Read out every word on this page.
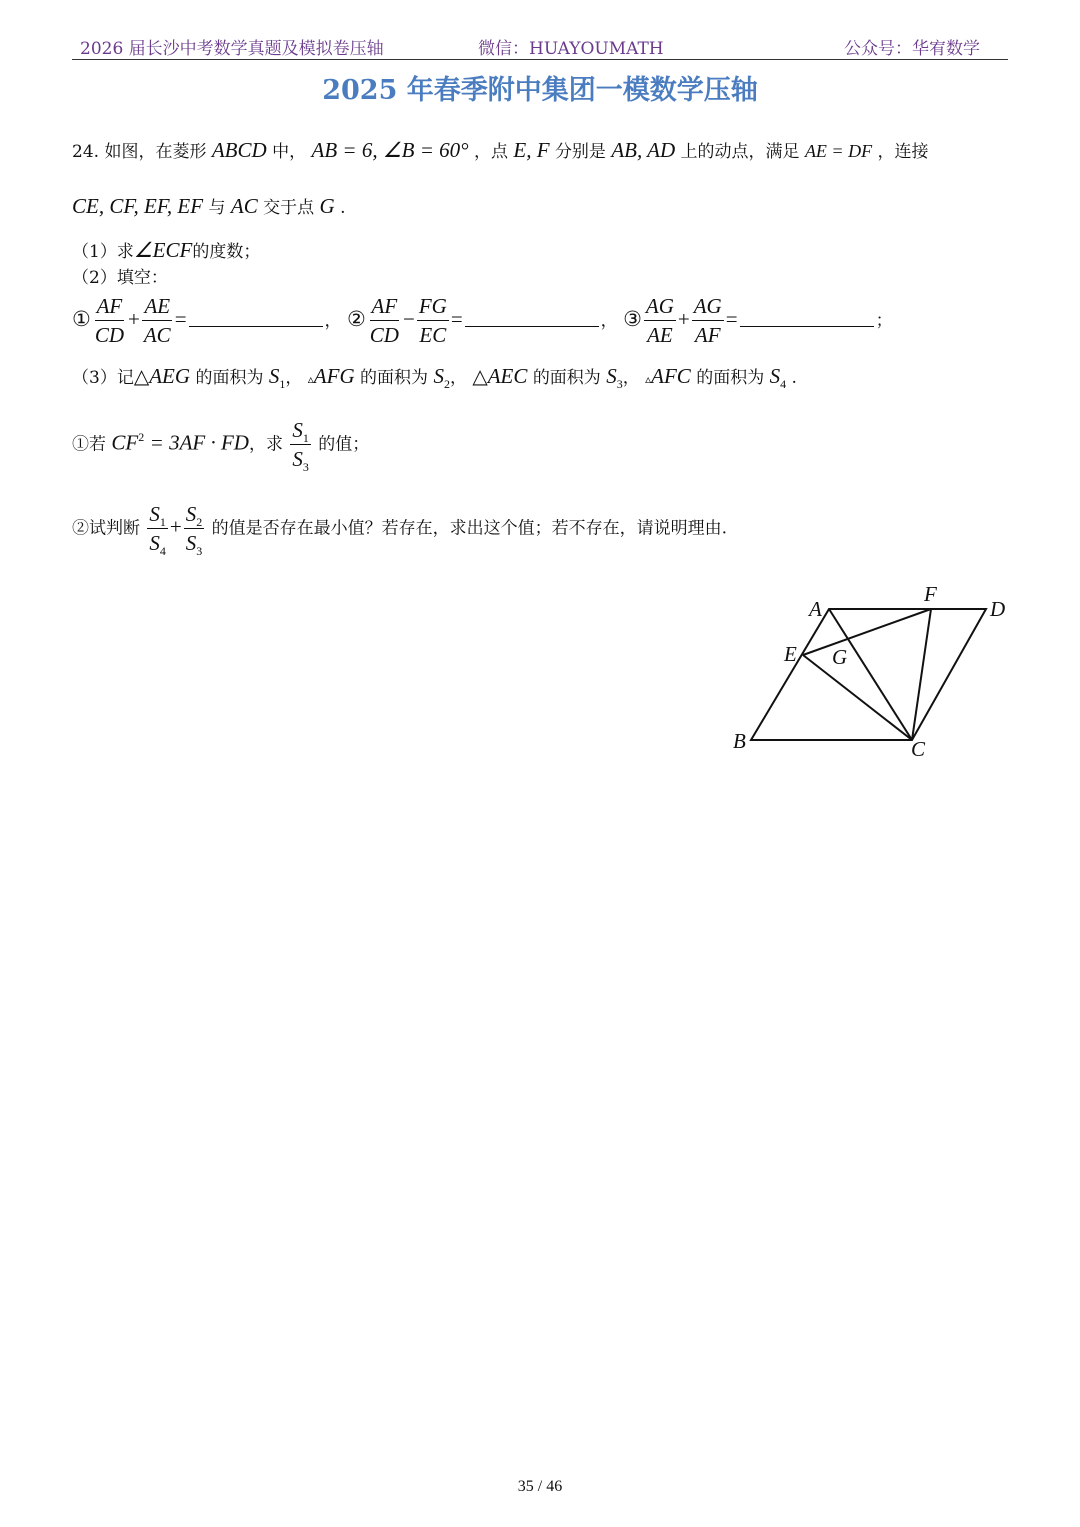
2026 届长沙中考数学真题及模拟卷压轴	微信：HUAYOUMATH	公众号：华宥数学
2025 年春季附中集团一模数学压轴
24. 如图，在菱形 ABCD 中， AB = 6, ∠B = 60° ，点 E, F 分别是 AB, AD 上的动点，满足 AE = DF ，连接
CE, CF, EF, EF 与 AC 交于点 G .
（1）求∠ECF的度数；
（2）填空：
① $\frac{AF}{CD} + \frac{AE}{AC}$ =	， ② $\frac{AF}{CD} - \frac{FG}{EC}$ =	， ③ $\frac{AG}{AE} + \frac{AG}{AF}$ =	；
（3）记△AEG 的面积为 $S_1$， ▵AFG 的面积为 $S_2$， △AEC 的面积为 $S_3$， ▵AFC 的面积为 $S_4$ .
①若 $CF^2 = 3AF$ · FD，求 $\frac{S_1}{S_3}$ 的值；
②试判断 $\frac{S_1}{S_4} + \frac{S_2}{S_3}$ 的值是否存在最小值？若存在，求出这个值；若不存在，请说明理由.
A
F
D
E G
B	C
35 / 46
